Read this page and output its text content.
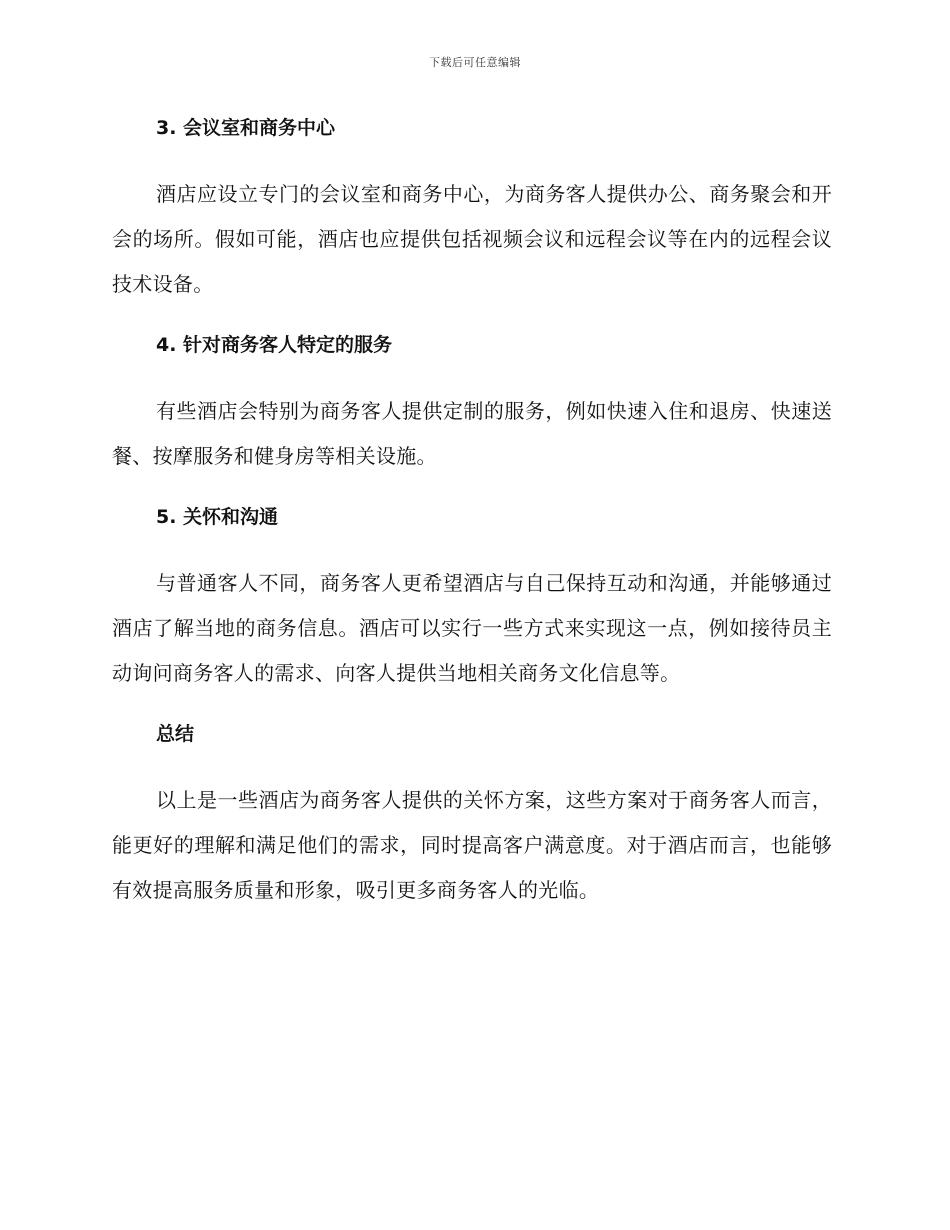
下载后可任意编辑
3. 会议室和商务中心

酒店应设立专门的会议室和商务中心，为商务客人提供办公、商务聚会和开会的场所。假如可能，酒店也应提供包括视频会议和远程会议等在内的远程会议技术设备。

4. 针对商务客人特定的服务

有些酒店会特别为商务客人提供定制的服务，例如快速入住和退房、快速送餐、按摩服务和健身房等相关设施。

5. 关怀和沟通

与普通客人不同，商务客人更希望酒店与自己保持互动和沟通，并能够通过酒店了解当地的商务信息。酒店可以实行一些方式来实现这一点，例如接待员主动询问商务客人的需求、向客人提供当地相关商务文化信息等。

总结

以上是一些酒店为商务客人提供的关怀方案，这些方案对于商务客人而言，能更好的理解和满足他们的需求，同时提高客户满意度。对于酒店而言，也能够有效提高服务质量和形象，吸引更多商务客人的光临。
